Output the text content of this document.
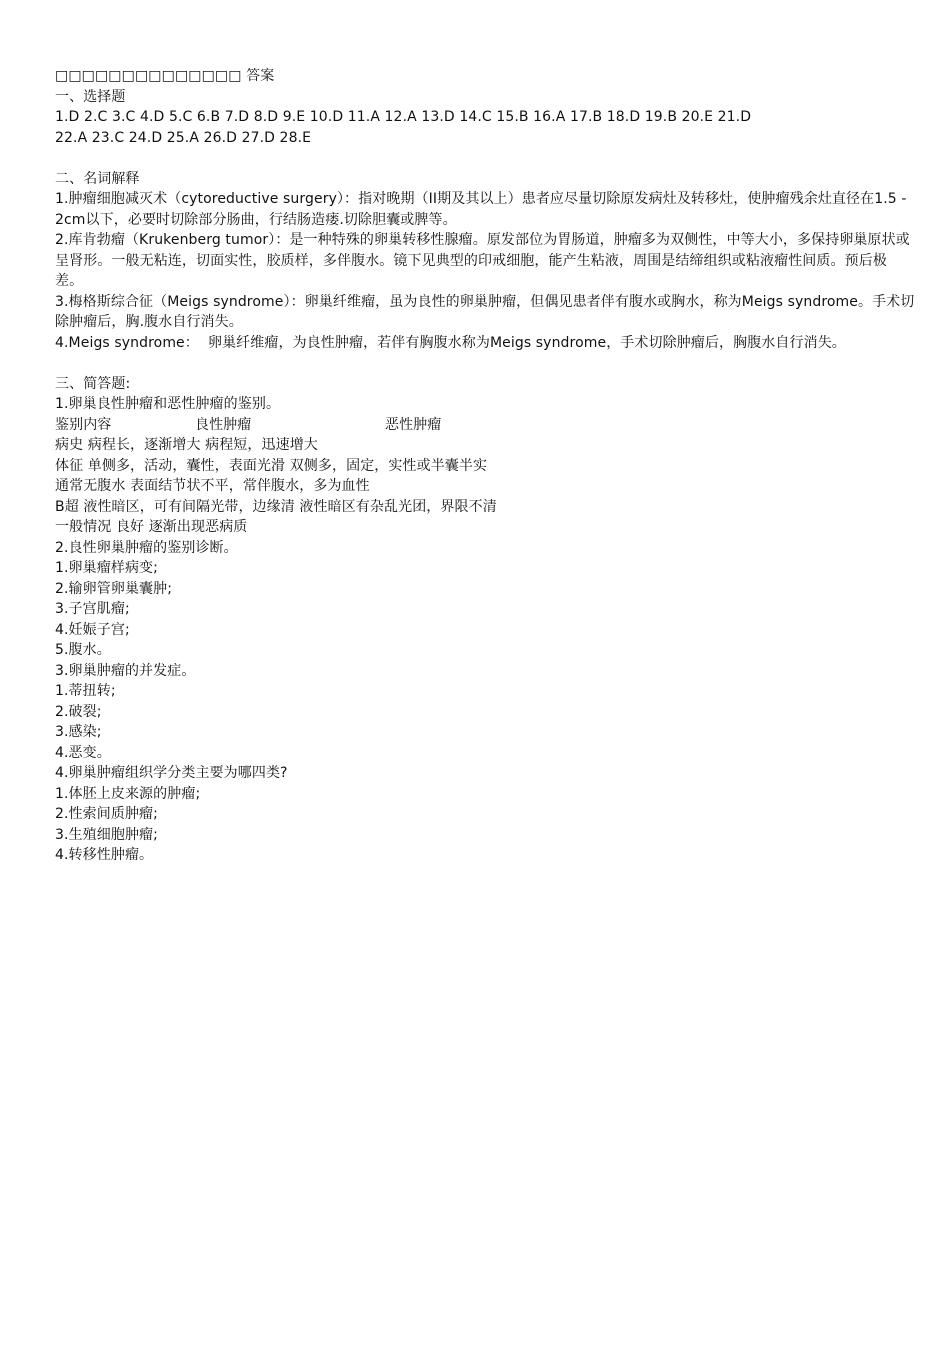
□□□□□□□□□□□□□□ 答案
一、选择题
1.D 2.C 3.C 4.D 5.C 6.B 7.D 8.D 9.E 10.D 11.A 12.A 13.D 14.C 15.B 16.A 17.B 18.D 19.B 20.E 21.D
22.A 23.C 24.D 25.A 26.D 27.D 28.E
二、名词解释
1.肿瘤细胞减灭术（cytoreductive surgery）：指对晚期（II期及其以上）患者应尽量切除原发病灶及转移灶，使肿瘤残余灶直径在1.5 - 2cm以下，必要时切除部分肠曲，行结肠造瘘.切除胆囊或脾等。
2.库肯勃瘤（Krukenberg tumor）：是一种特殊的卵巢转移性腺瘤。原发部位为胃肠道，肿瘤多为双侧性，中等大小，多保持卵巢原状或呈肾形。一般无粘连，切面实性，胶质样，多伴腹水。镜下见典型的印戒细胞，能产生粘液，周围是结缔组织或粘液瘤性间质。预后极差。
3.梅格斯综合征（Meigs syndrome）：卵巢纤维瘤，虽为良性的卵巢肿瘤，但偶见患者伴有腹水或胸水，称为Meigs syndrome。手术切除肿瘤后，胸.腹水自行消失。
4.Meigs syndrome：  卵巢纤维瘤，为良性肿瘤，若伴有胸腹水称为Meigs syndrome，手术切除肿瘤后，胸腹水自行消失。
三、简答题:
1.卵巢良性肿瘤和恶性肿瘤的鉴别。
鉴别内容	良性肿瘤	恶性肿瘤
病史 病程长，逐渐增大 病程短，迅速增大
体征 单侧多，活动，囊性，表面光滑 双侧多，固定，实性或半囊半实
通常无腹水 表面结节状不平，常伴腹水，多为血性
B超 液性暗区，可有间隔光带，边缘清 液性暗区有杂乱光团，界限不清
一般情况 良好 逐渐出现恶病质
2.良性卵巢肿瘤的鉴别诊断。
1.卵巢瘤样病变;
2.输卵管卵巢囊肿;
3.子宫肌瘤;
4.妊娠子宫;
5.腹水。
3.卵巢肿瘤的并发症。
1.蒂扭转;
2.破裂;
3.感染;
4.恶变。
4.卵巢肿瘤组织学分类主要为哪四类?
1.体胚上皮来源的肿瘤;
2.性索间质肿瘤;
3.生殖细胞肿瘤;
4.转移性肿瘤。
